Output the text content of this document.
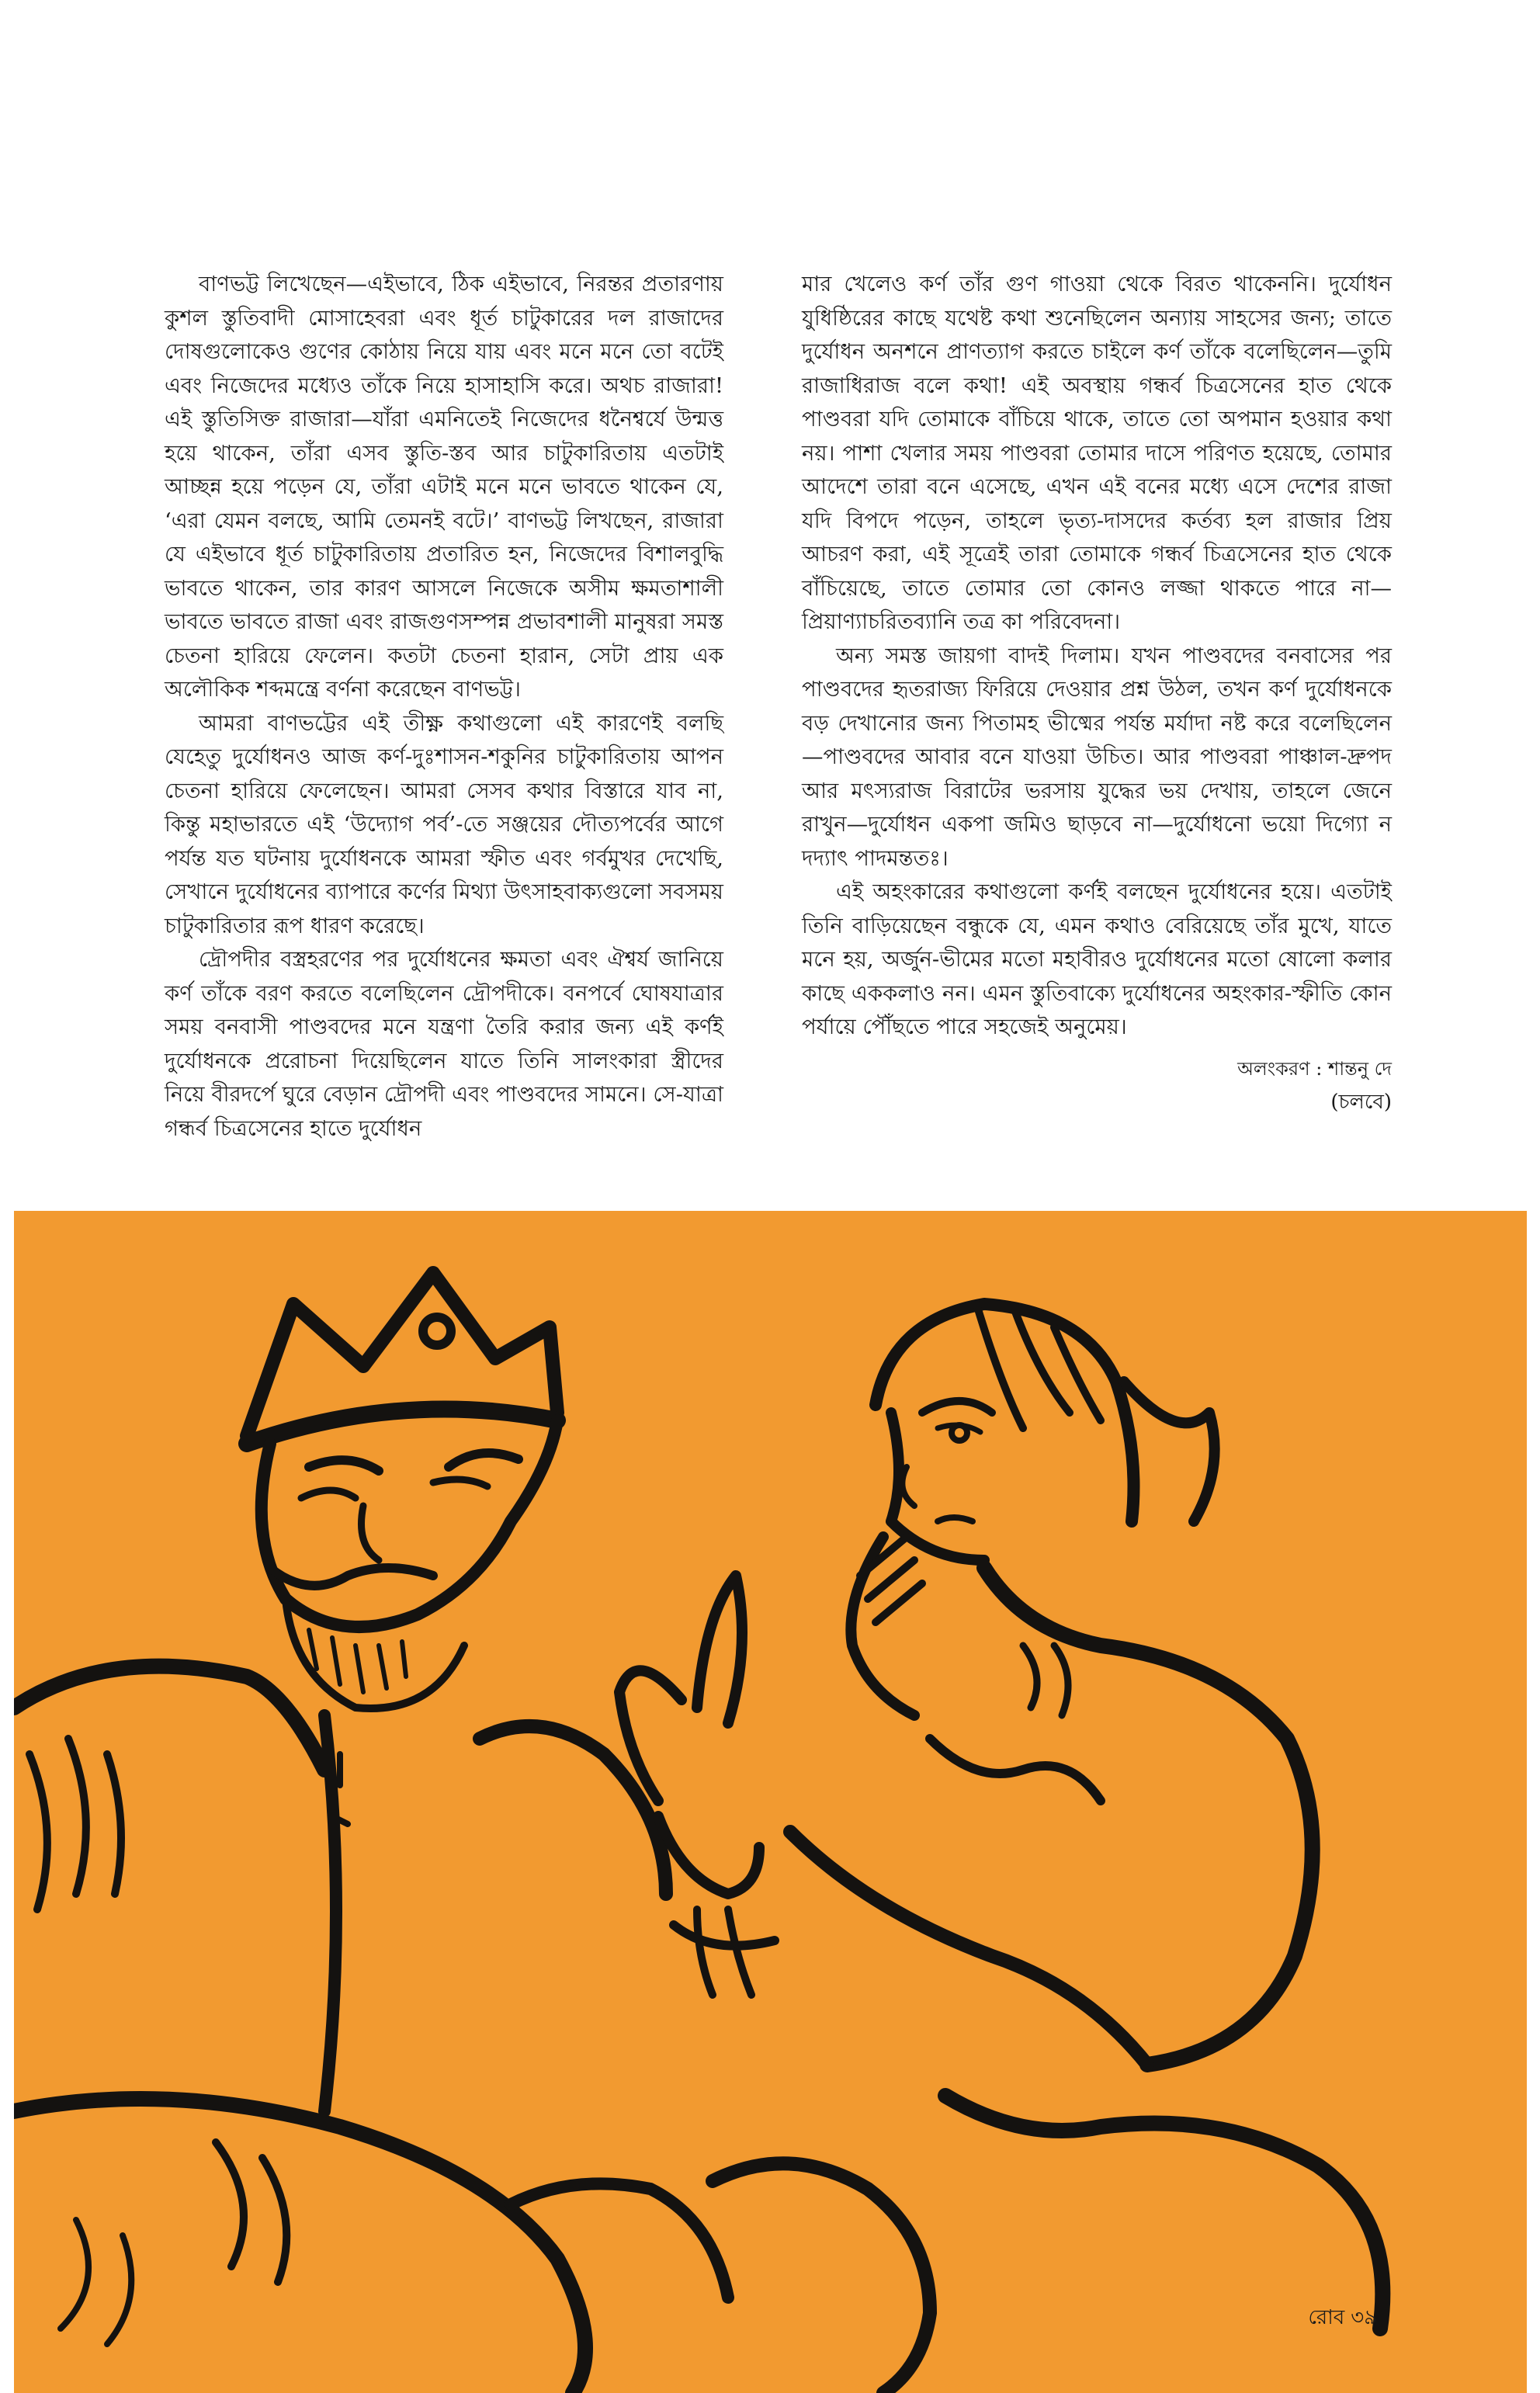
বাণভট্ট লিখেছেন—এইভাবে, ঠিক এইভাবে, নিরন্তর প্রতারণায় কুশল স্তুতিবাদী মোসাহেবরা এবং ধূর্ত চাটুকারের দল রাজাদের দোষগুলোকেও গুণের কোঠায় নিয়ে যায় এবং মনে মনে তো বটেই এবং নিজেদের মধ্যেও তাঁকে নিয়ে হাসাহাসি করে। অথচ রাজারা! এই স্তুতিসিক্ত রাজারা—যাঁরা এমনিতেই নিজেদের ধনৈশ্বর্যে উন্মত্ত হয়ে থাকেন, তাঁরা এসব স্তুতি-স্তব আর চাটুকারিতায় এতটাই আচ্ছন্ন হয়ে পড়েন যে, তাঁরা এটাই মনে মনে ভাবতে থাকেন যে, ‘এরা যেমন বলছে, আমি তেমনই বটে।’ বাণভট্ট লিখছেন, রাজারা যে এইভাবে ধূর্ত চাটুকারিতায় প্রতারিত হন, নিজেদের বিশালবুদ্ধি ভাবতে থাকেন, তার কারণ আসলে নিজেকে অসীম ক্ষমতাশালী ভাবতে ভাবতে রাজা এবং রাজগুণসম্পন্ন প্রভাবশালী মানুষরা সমস্ত চেতনা হারিয়ে ফেলেন। কতটা চেতনা হারান, সেটা প্রায় এক অলৌকিক শব্দমন্ত্রে বর্ণনা করেছেন বাণভট্ট।

আমরা বাণভট্টের এই তীক্ষ্ণ কথাগুলো এই কারণেই বলছি যেহেতু দুর্যোধনও আজ কর্ণ-দুঃশাসন-শকুনির চাটুকারিতায় আপন চেতনা হারিয়ে ফেলেছেন। আমরা সেসব কথার বিস্তারে যাব না, কিন্তু মহাভারতে এই ‘উদ্যোগ পর্ব’-তে সঞ্জয়ের দৌত্যপর্বের আগে পর্যন্ত যত ঘটনায় দুর্যোধনকে আমরা স্ফীত এবং গর্বমুখর দেখেছি, সেখানে দুর্যোধনের ব্যাপারে কর্ণের মিথ্যা উৎসাহবাক্যগুলো সবসময় চাটুকারিতার রূপ ধারণ করেছে।

দ্রৌপদীর বস্ত্রহরণের পর দুর্যোধনের ক্ষমতা এবং ঐশ্বর্য জানিয়ে কর্ণ তাঁকে বরণ করতে বলেছিলেন দ্রৌপদীকে। বনপর্বে ঘোষযাত্রার সময় বনবাসী পাণ্ডবদের মনে যন্ত্রণা তৈরি করার জন্য এই কর্ণই দুর্যোধনকে প্ররোচনা দিয়েছিলেন যাতে তিনি সালংকারা স্ত্রীদের নিয়ে বীরদর্পে ঘুরে বেড়ান দ্রৌপদী এবং পাণ্ডবদের সামনে। সে-যাত্রা গন্ধর্ব চিত্রসেনের হাতে দুর্যোধন

মার খেলেও কর্ণ তাঁর গুণ গাওয়া থেকে বিরত থাকেননি। দুর্যোধন যুধিষ্ঠিরের কাছে যথেষ্ট কথা শুনেছিলেন অন্যায় সাহসের জন্য; তাতে দুর্যোধন অনশনে প্রাণত্যাগ করতে চাইলে কর্ণ তাঁকে বলেছিলেন—তুমি রাজাধিরাজ বলে কথা! এই অবস্থায় গন্ধর্ব চিত্রসেনের হাত থেকে পাণ্ডবরা যদি তোমাকে বাঁচিয়ে থাকে, তাতে তো অপমান হওয়ার কথা নয়। পাশা খেলার সময় পাণ্ডবরা তোমার দাসে পরিণত হয়েছে, তোমার আদেশে তারা বনে এসেছে, এখন এই বনের মধ্যে এসে দেশের রাজা যদি বিপদে পড়েন, তাহলে ভৃত্য-দাসদের কর্তব্য হল রাজার প্রিয় আচরণ করা, এই সূত্রেই তারা তোমাকে গন্ধর্ব চিত্রসেনের হাত থেকে বাঁচিয়েছে, তাতে তোমার তো কোনও লজ্জা থাকতে পারে না—প্রিয়াণ্যাচরিতব্যানি তত্র কা পরিবেদনা।

অন্য সমস্ত জায়গা বাদই দিলাম। যখন পাণ্ডবদের বনবাসের পর পাণ্ডবদের হৃতরাজ্য ফিরিয়ে দেওয়ার প্রশ্ন উঠল, তখন কর্ণ দুর্যোধনকে বড় দেখানোর জন্য পিতামহ ভীষ্মের পর্যন্ত মর্যাদা নষ্ট করে বলেছিলেন—পাণ্ডবদের আবার বনে যাওয়া উচিত। আর পাণ্ডবরা পাঞ্চাল-দ্রুপদ আর মৎস্যরাজ বিরাটের ভরসায় যুদ্ধের ভয় দেখায়, তাহলে জেনে রাখুন—দুর্যোধন একপা জমিও ছাড়বে না—দুর্যোধনো ভয়ো দিগ্যো ন দদ্যাৎ পাদমন্ততঃ।

এই অহংকারের কথাগুলো কর্ণই বলছেন দুর্যোধনের হয়ে। এতটাই তিনি বাড়িয়েছেন বন্ধুকে যে, এমন কথাও বেরিয়েছে তাঁর মুখে, যাতে মনে হয়, অর্জুন-ভীমের মতো মহাবীরও দুর্যোধনের মতো ষোলো কলার কাছে এককলাও নন। এমন স্তুতিবাক্যে দুর্যোধনের অহংকার-স্ফীতি কোন পর্যায়ে পৌঁছতে পারে সহজেই অনুমেয়।

অলংকরণ : শান্তনু দে
(চলবে)
রোব ৩৯
